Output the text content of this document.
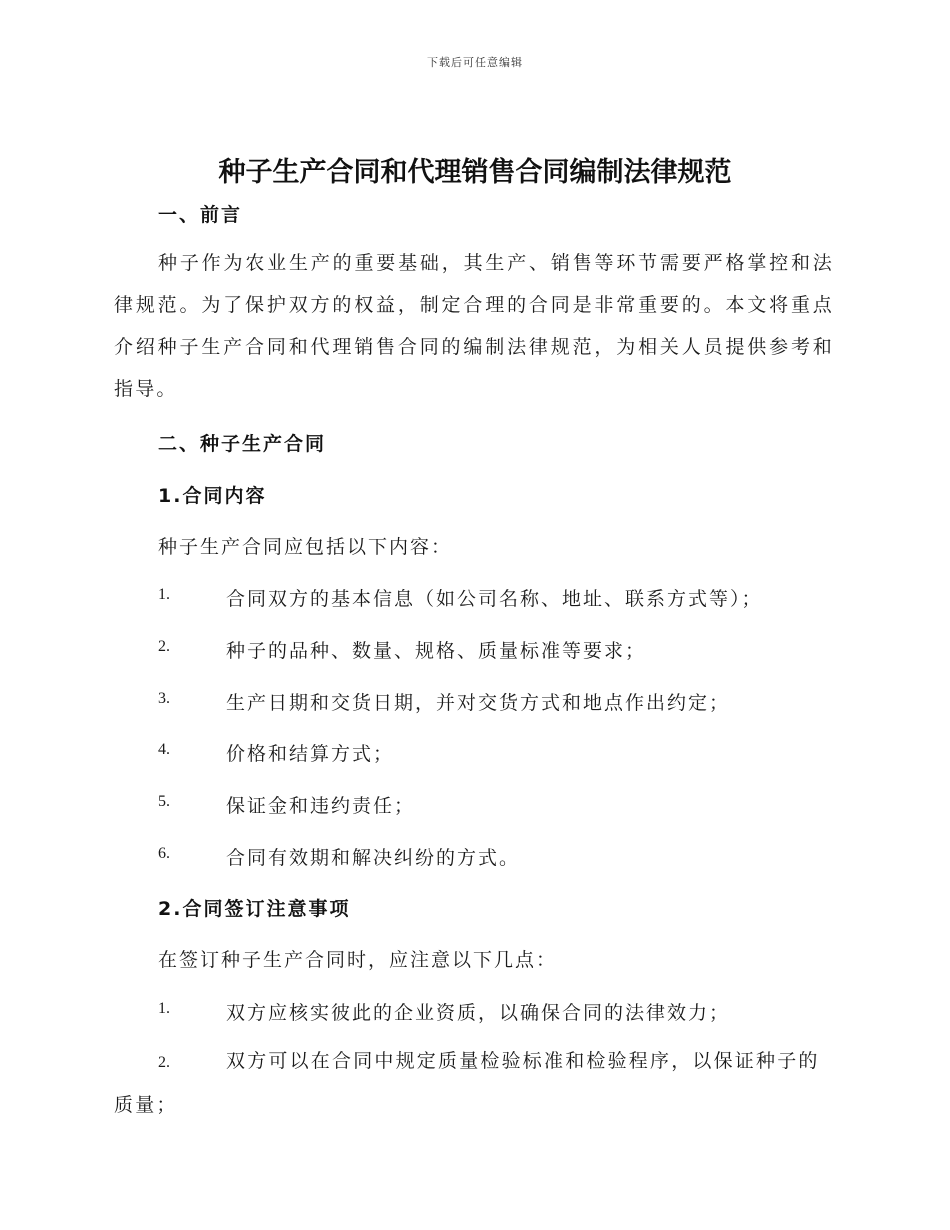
下载后可任意编辑
种子生产合同和代理销售合同编制法律规范
一、前言

种子作为农业生产的重要基础，其生产、销售等环节需要严格掌控和法律规范。为了保护双方的权益，制定合理的合同是非常重要的。本文将重点介绍种子生产合同和代理销售合同的编制法律规范，为相关人员提供参考和指导。

二、种子生产合同
1.合同内容

种子生产合同应包括以下内容：

1.	合同双方的基本信息（如公司名称、地址、联系方式等）；
2.	种子的品种、数量、规格、质量标准等要求；
3.	生产日期和交货日期，并对交货方式和地点作出约定；
4.	价格和结算方式；
5.	保证金和违约责任；
6.	合同有效期和解决纠纷的方式。
2.合同签订注意事项

在签订种子生产合同时，应注意以下几点：

1.	双方应核实彼此的企业资质，以确保合同的法律效力；

2.	双方可以在合同中规定质量检验标准和检验程序，以保证种子的质量；
